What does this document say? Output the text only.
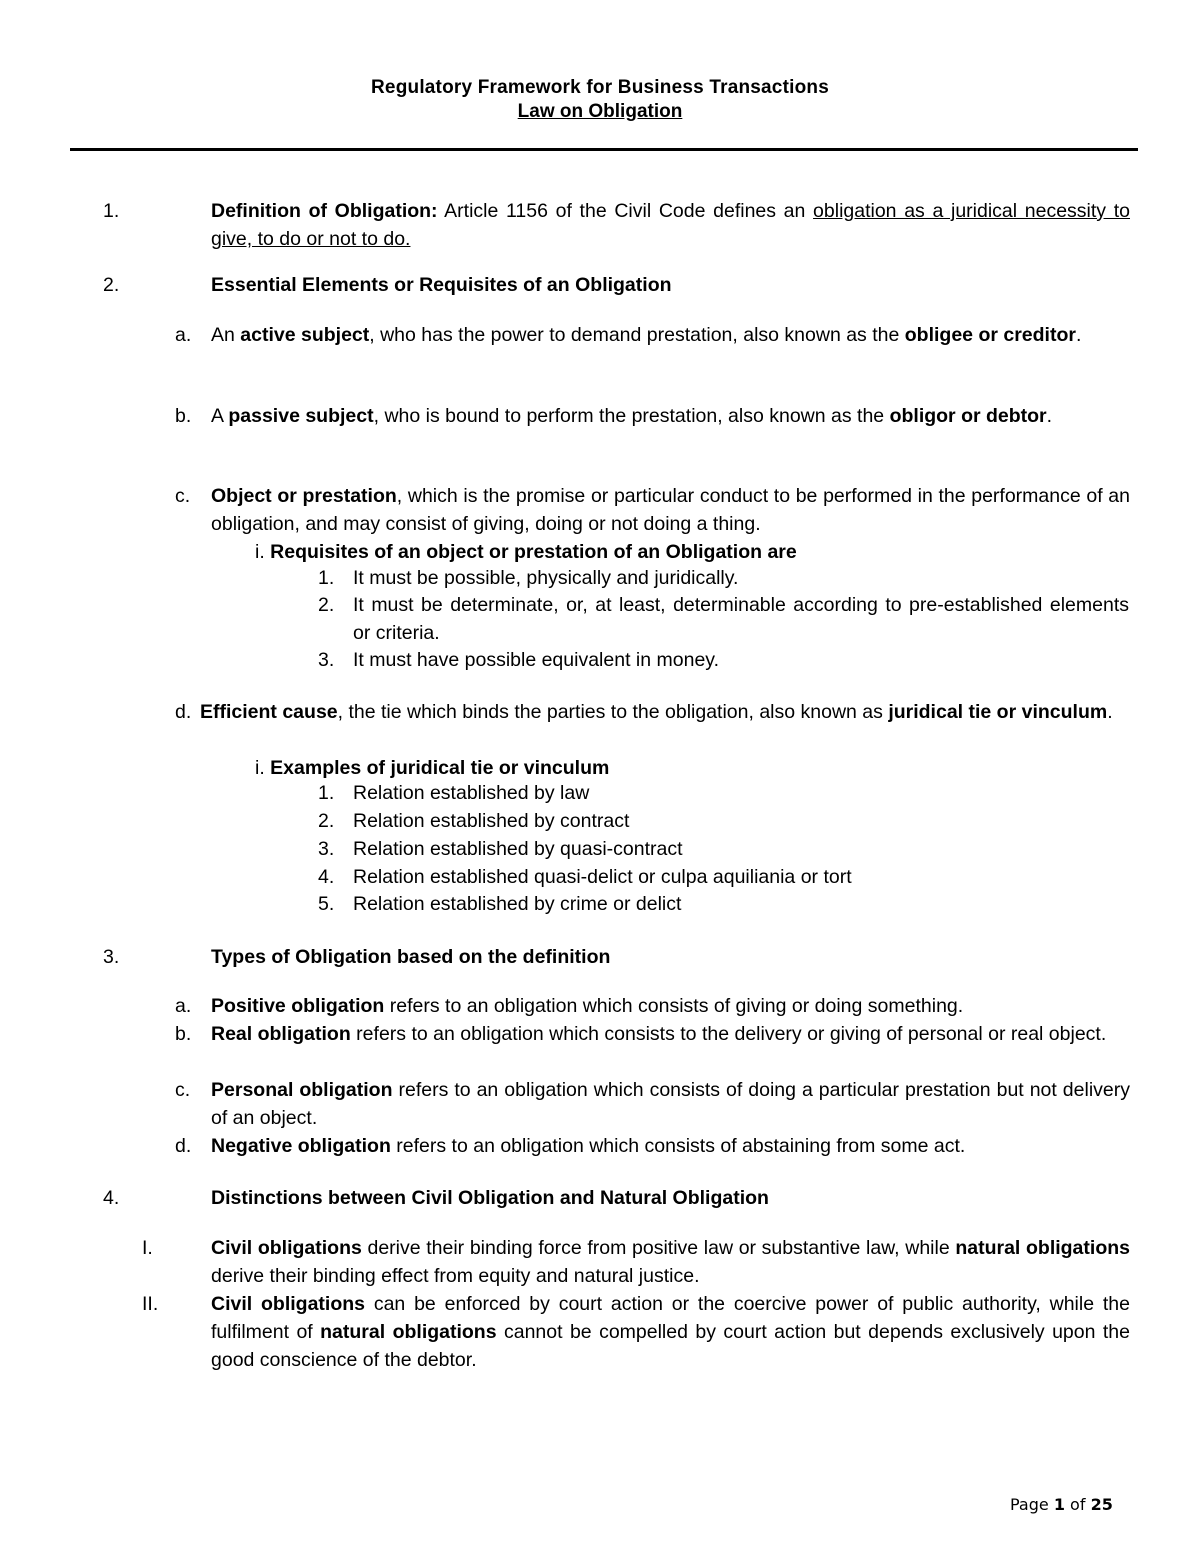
Regulatory Framework for Business Transactions
Law on Obligation
1.	Definition of Obligation: Article 1156 of the Civil Code defines an obligation as a juridical necessity to give, to do or not to do.
2.	Essential Elements or Requisites of an Obligation
a. An active subject, who has the power to demand prestation, also known as the obligee or creditor.
b. A passive subject, who is bound to perform the prestation, also known as the obligor or debtor.
c. Object or prestation, which is the promise or particular conduct to be performed in the performance of an obligation, and may consist of giving, doing or not doing a thing.
i. Requisites of an object or prestation of an Obligation are
1. It must be possible, physically and juridically.
2. It must be determinate, or, at least, determinable according to pre-established elements or criteria.
3. It must have possible equivalent in money.
d. Efficient cause, the tie which binds the parties to the obligation, also known as juridical tie or vinculum.
i. Examples of juridical tie or vinculum
1. Relation established by law
2. Relation established by contract
3. Relation established by quasi-contract
4. Relation established quasi-delict or culpa aquiliania or tort
5. Relation established by crime or delict
3.	Types of Obligation based on the definition
a. Positive obligation refers to an obligation which consists of giving or doing something.
b. Real obligation refers to an obligation which consists to the delivery or giving of personal or real object.
c. Personal obligation refers to an obligation which consists of doing a particular prestation but not delivery of an object.
d. Negative obligation refers to an obligation which consists of abstaining from some act.
4.	Distinctions between Civil Obligation and Natural Obligation
I.	Civil obligations derive their binding force from positive law or substantive law, while natural obligations derive their binding effect from equity and natural justice.
II.	Civil obligations can be enforced by court action or the coercive power of public authority, while the fulfilment of natural obligations cannot be compelled by court action but depends exclusively upon the good conscience of the debtor.
Page 1 of 25
